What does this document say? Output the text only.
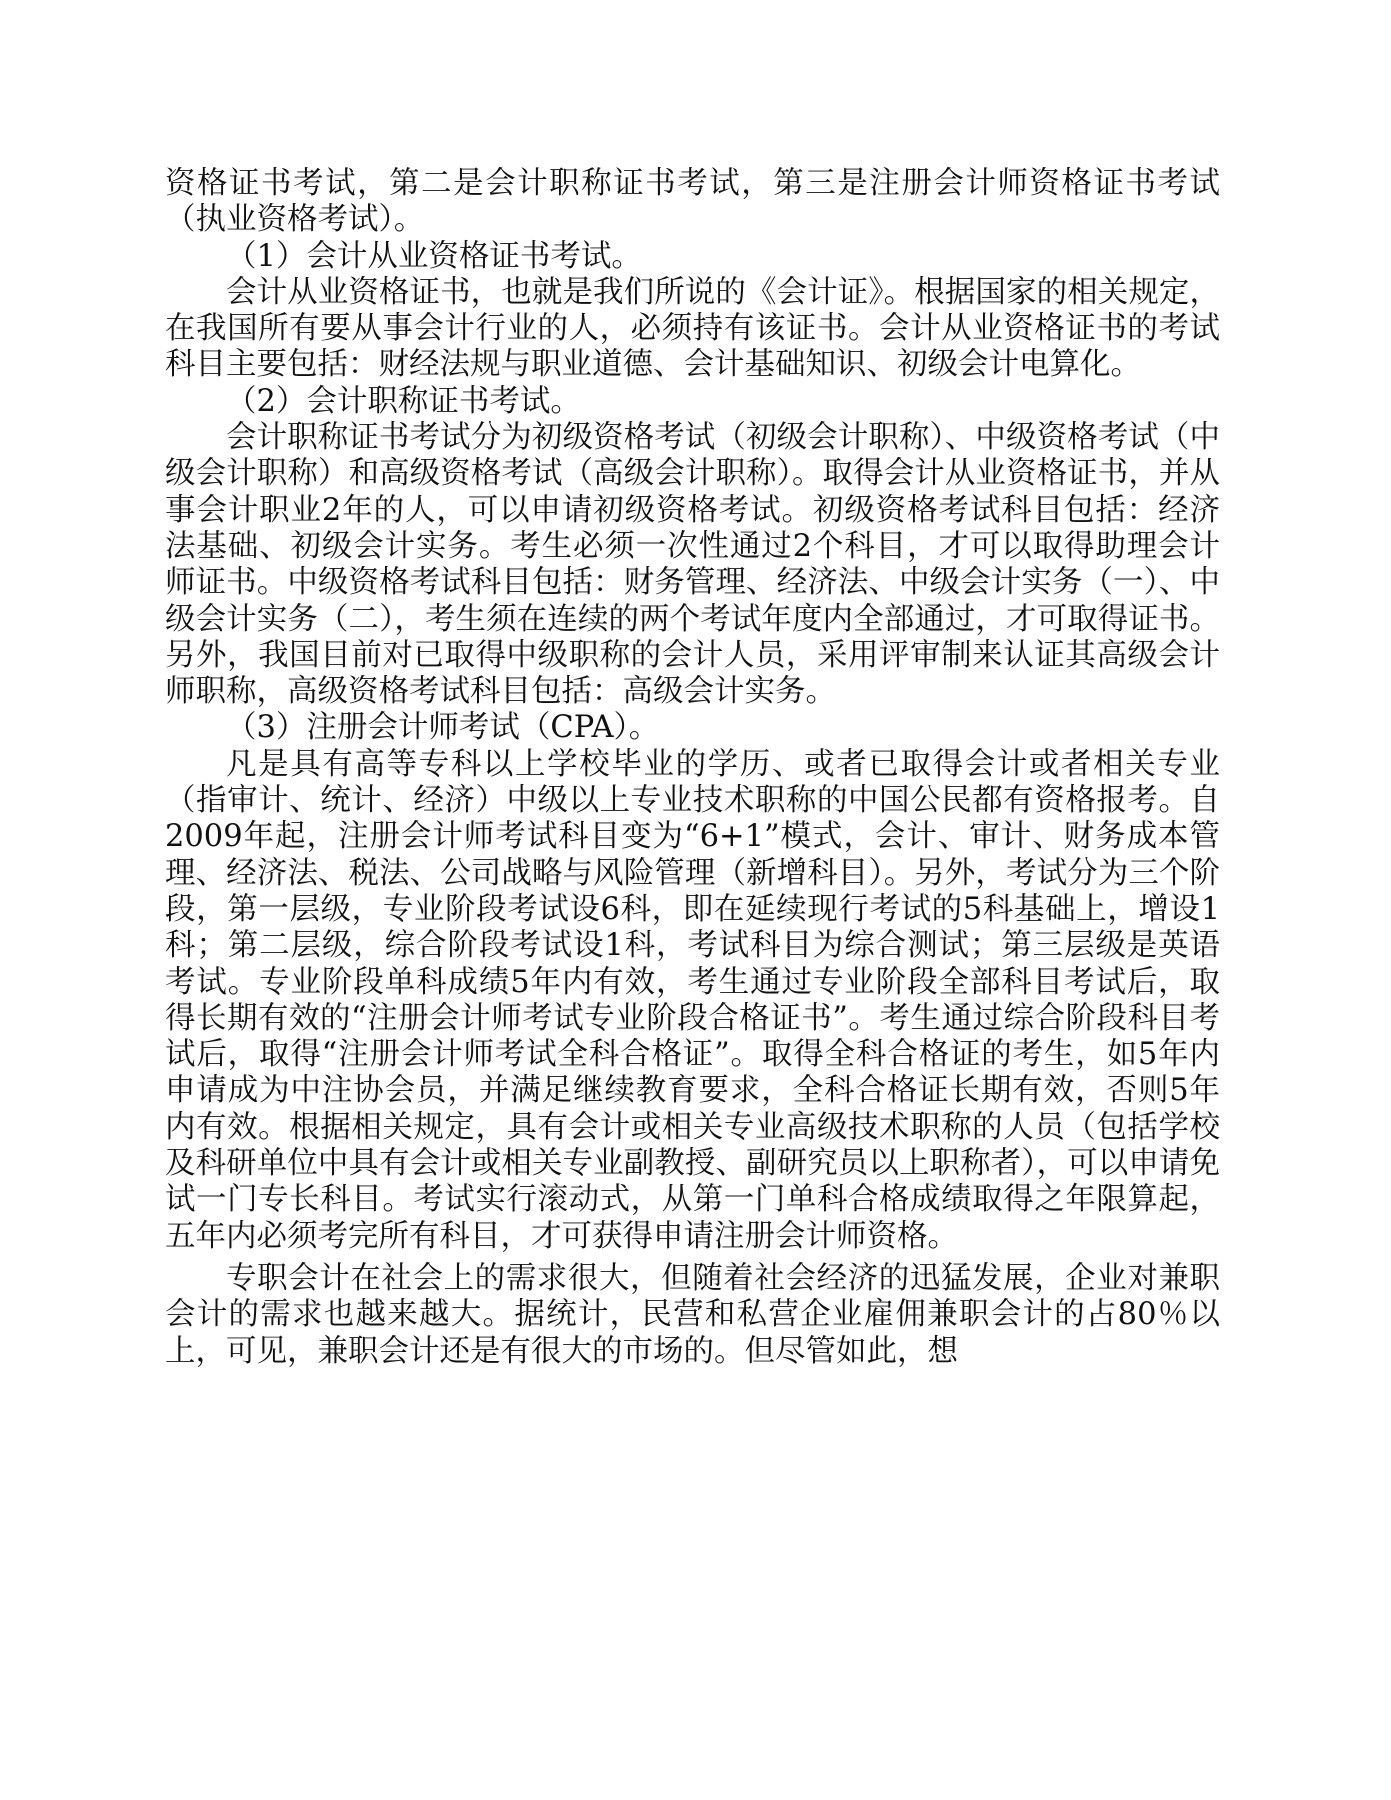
资格证书考试，第二是会计职称证书考试，第三是注册会计师资格证书考试（执业资格考试）。

（1）会计从业资格证书考试。

会计从业资格证书，也就是我们所说的《会计证》。根据国家的相关规定，在我国所有要从事会计行业的人，必须持有该证书。会计从业资格证书的考试科目主要包括：财经法规与职业道德、会计基础知识、初级会计电算化。

（2）会计职称证书考试。

会计职称证书考试分为初级资格考试（初级会计职称）、中级资格考试（中级会计职称）和高级资格考试（高级会计职称）。取得会计从业资格证书，并从事会计职业2年的人，可以申请初级资格考试。初级资格考试科目包括：经济法基础、初级会计实务。考生必须一次性通过2个科目，才可以取得助理会计师证书。中级资格考试科目包括：财务管理、经济法、中级会计实务（一）、中级会计实务（二），考生须在连续的两个考试年度内全部通过，才可取得证书。另外，我国目前对已取得中级职称的会计人员，采用评审制来认证其高级会计师职称，高级资格考试科目包括：高级会计实务。

（3）注册会计师考试（CPA）。

凡是具有高等专科以上学校毕业的学历、或者已取得会计或者相关专业（指审计、统计、经济）中级以上专业技术职称的中国公民都有资格报考。自2009年起，注册会计师考试科目变为“6+1”模式，会计、审计、财务成本管理、经济法、税法、公司战略与风险管理（新增科目）。另外，考试分为三个阶段，第一层级，专业阶段考试设6科，即在延续现行考试的5科基础上，增设1科；第二层级，综合阶段考试设1科，考试科目为综合测试；第三层级是英语考试。专业阶段单科成绩5年内有效，考生通过专业阶段全部科目考试后，取得长期有效的“注册会计师考试专业阶段合格证书”。考生通过综合阶段科目考试后，取得“注册会计师考试全科合格证”。取得全科合格证的考生，如5年内申请成为中注协会员，并满足继续教育要求，全科合格证长期有效，否则5年内有效。根据相关规定，具有会计或相关专业高级技术职称的人员（包括学校及科研单位中具有会计或相关专业副教授、副研究员以上职称者），可以申请免试一门专长科目。考试实行滚动式，从第一门单科合格成绩取得之年限算起，五年内必须考完所有科目，才可获得申请注册会计师资格。

专职会计在社会上的需求很大，但随着社会经济的迅猛发展，企业对兼职会计的需求也越来越大。据统计，民营和私营企业雇佣兼职会计的占80％以上，可见，兼职会计还是有很大的市场的。但尽管如此，想
